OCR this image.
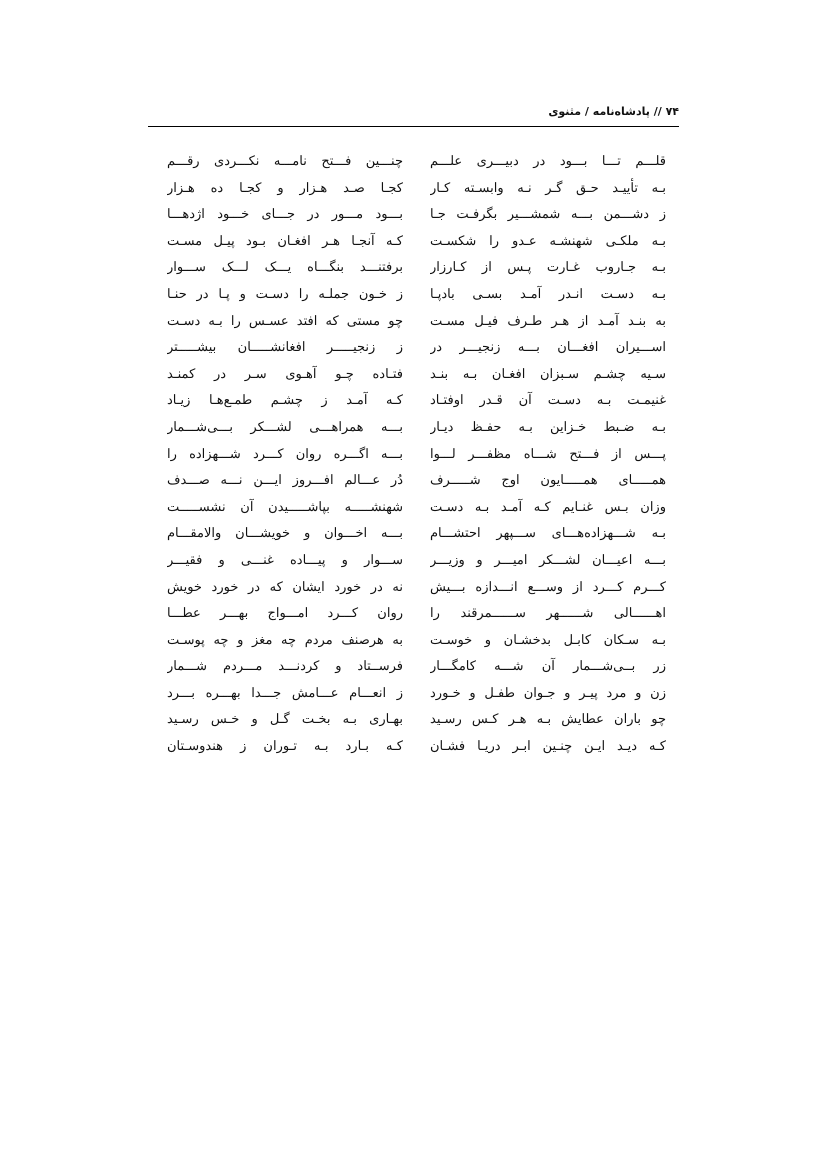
۷۴ // پادشاه‌نامه / مثنوی
قلـــم تـــا بـــود در دبیـــری علـــم
بـه تأییـد حـق گـر نـه وابسـته کـار
ز دشـــمن بـــه شمشـــیر بگرفـت جـا
بـه ملکـی شهنشـه عـدو را شکسـت
بـه جـاروب غـارت پـس از کـارزار
بـه دسـت انـدر آمـد بسـی بادپـا
به بنـد آمـد از هـر طـرف فیـل مسـت
اســـیران افغـــان بـــه زنجیـــر در
سـیه چشـم سـبزان افغـان بـه بنـد
غنیمـت بـه دسـت آن قـدر اوفتـاد
بـه ضـبط خـزاین بـه حفـظ دیـار
پـــس از فـــتح شـــاه مظفـــر لـــوا
همـــــای همـــــایون اوج شـــــرف
وزان بـس غنـایم کـه آمـد بـه دسـت
بـه شـــهزاده‌هـــای ســـپهر احتشـــام
بـــه اعیـــان لشـــکر امیـــر و وزیـــر
کـــرم کـــرد از وســـع انـــدازه بـــیش
اهــــــالی شــــــهر ســــــمرقند را
بـه سـکان کابـل بدخشـان و خوسـت
زر بــی‌شـــمار آن شـــه کامگـــار
زن و مرد پیـر و جـوان طفـل و خـورد
چو باران عطایش بـه هـر کـس رسـید
کـه دیـد ایـن چنـین ابـر دریـا فشـان
چنـــین فـــتح نامـــه نکـــردی رقـــم
کجـا صـد هـزار و کجـا ده هـزار
بـــود مـــور در جـــای خـــود اژدهـــا
کـه آنجـا هـر افغـان بـود پیـل مسـت
برفتنـــد بنگـــاه یـــک لـــک ســـوار
ز خـون جملـه را دسـت و پـا در حنـا
چو مستی که افتد عسـس را بـه دسـت
ز زنجیـــــر افغانشـــــان بیشـــــتر
فتـاده چـو آهـوی سـر در کمنـد
کـه آمـد ز چشـم طمـع‌هـا زیـاد
بـــه همراهـــی لشـــکر بـــی‌شـــمار
بـــه اگـــره روان کـــرد شـــهزاده را
دُر عـــالم افـــروز ایـــن نـــه صـــدف
شهنشـــــه بپاشـــــیدن آن نشســـــت
بـــه اخـــوان و خویشـــان والامقـــام
ســـوار و پیـــاده غنـــی و فقیـــر
نه در خورد ایشان که در خورد خویش
روان کـــرد امـــواج بهـــر عطـــا
به هرصنف مردم چه مغز و چه پوسـت
فرســتاد و کردنـــد مـــردم شـــمار
ز انعـــام عـــامش جـــدا بهـــره بـــرد
بهـاری بـه بخـت گـل و خـس رسـید
کـه بـارد بـه تـوران ز هندوسـتان
